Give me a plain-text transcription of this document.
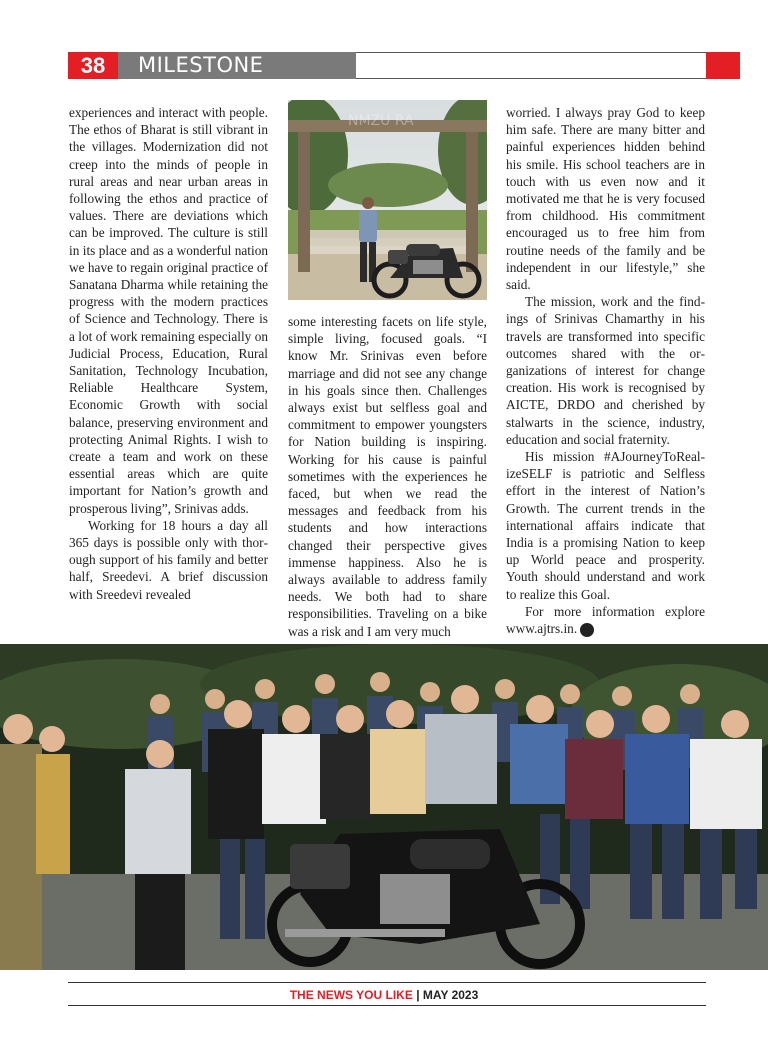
38	MILESTONE

experiences and interact with people. The ethos of Bharat is still vibrant in the villages. Modernization did not creep into the minds of people in rural areas and near urban areas in following the ethos and practice of values. There are deviations which can be improved. The culture is still in its place and as a wonderful nation we have to regain original practice of Sanatana Dharma while retaining the progress with the modern practices of Science and Technology. There is a lot of work remaining especially on Judicial Process, Education, Rural Sanitation, Technology Incubation, Reliable Healthcare System, Economic Growth with social balance, preserving environment and protecting Animal Rights. I wish to create a team and work on these essential areas which are quite important for Nation’s growth and prosperous living”, Srinivas adds.

Working for 18 hours a day all 365 days is possible only with thorough support of his family and better half, Sreedevi. A brief discussion with Sreedevi revealed

NMZU RA

some interesting facets on life style, simple living, focused goals. “I know Mr. Srinivas even before marriage and did not see any change in his goals since then. Challenges always exist but selfless goal and commitment to empower youngsters for Nation building is inspiring. Working for his cause is painful sometimes with the experiences he faced, but when we read the messages and feedback from his students and how interactions changed their perspective gives immense happiness. Also he is always available to address family needs. We both had to share responsibilities. Traveling on a bike was a risk and I am very much

worried. I always pray God to keep him safe. There are many bitter and painful experiences hidden behind his smile. His school teachers are in touch with us even now and it motivated me that he is very focused from childhood. His commitment encouraged us to free him from routine needs of the family and be independent in our lifestyle,” she said.

The mission, work and the findings of Srinivas Chamarthy in his travels are transformed into specific outcomes shared with the organizations of interest for change creation. His work is recognised by AICTE, DRDO and cherished by stalwarts in the science, industry, education and social fraternity.

His mission #AJourneyToRealizeSELF is patriotic and Selfless effort in the interest of Nation’s Growth. The current trends in the international affairs indicate that India is a promising Nation to keep up World peace and prosperity. Youth should understand and work to realize this Goal.

For more information explore www.ajtrs.in.	TN

THE NEWS YOU LIKE | MAY 2023
